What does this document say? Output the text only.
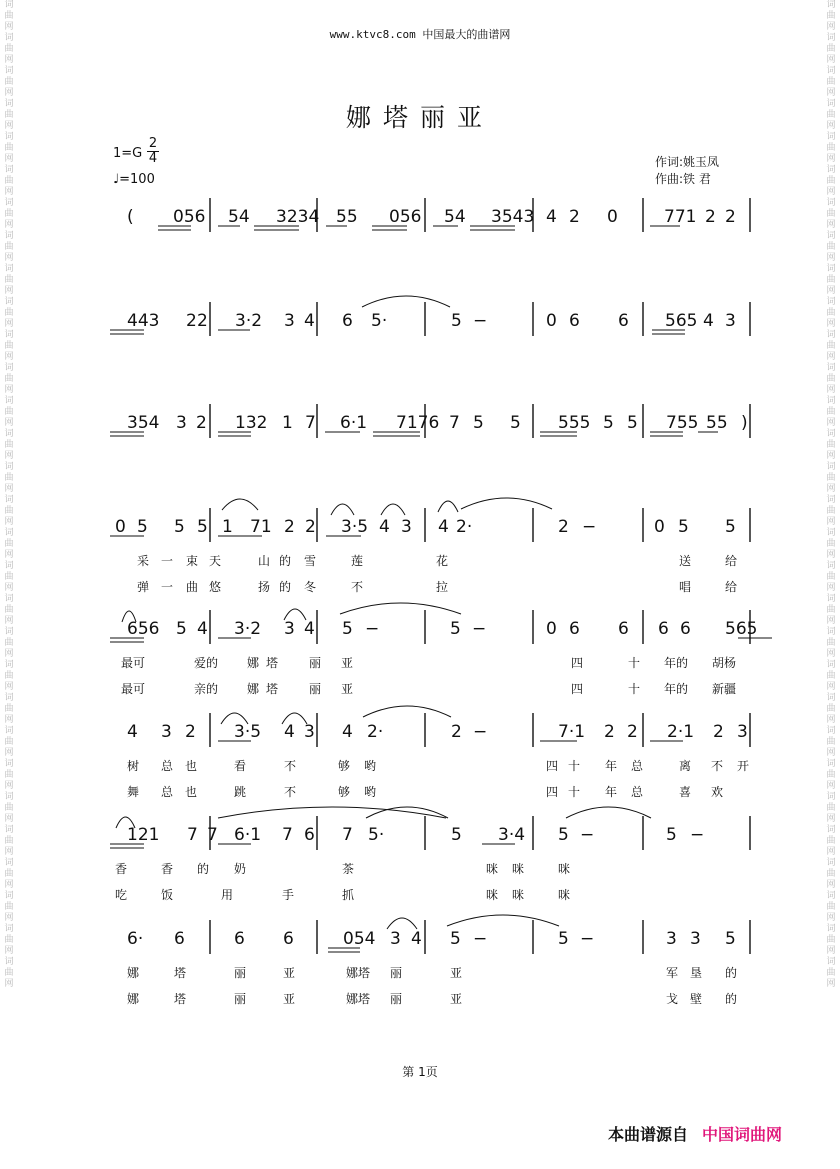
词曲网词曲网词曲网词曲网词曲网词曲网词曲网词曲网词曲网词曲网词曲网词曲网词曲网词曲网词曲网词曲网词曲网词曲网词曲网词曲网词曲网词曲网词曲网词曲网词曲网词曲网词曲网词曲网词曲网词曲网
词曲网词曲网词曲网词曲网词曲网词曲网词曲网词曲网词曲网词曲网词曲网词曲网词曲网词曲网词曲网词曲网词曲网词曲网词曲网词曲网词曲网词曲网词曲网词曲网词曲网词曲网词曲网词曲网词曲网词曲网
www.ktvc8.com 中国最大的曲谱网
娜塔丽亚
1=G
2
4
♩=100
作词:姚玉凤
作曲:铁 君
( 056 54 3234 55 056 54 3543 4 2 0	771 2 2
443 2 2 3·2 3 4 6 5·	5 −	0 6 6 565 4 3
354 3 2 132 1 7 6·1 7176 7 5 5 555 5 5 755 55 )
0 5 5 5 1 71 2 2 3·5 4 3 4 2·	2 −	0 5 5
656 5 4 3·2 3 4 5 −	5 −	0 6 6 6 6 565
4 3 2 3·5 4 3 4 2·	2 −	7·1 2 2 2·1 2 3
121 7 7 6·1 7 6 7 5·	5 3·4 5 −	5 −
6· 6	6 6	054 3 4 5 −	5 −	3 3 5
采 一 束 天	山 的 雪	莲	花	送	给
弹 一 曲 悠	扬 的 冬	不	拉	唱	给
最可	爱的 娜 塔	丽 亚	四	十 年的 胡杨
最可	亲的 娜 塔	丽 亚	四	十 年的 新疆
树 总 也	看	不	够 哟	四 十 年 总	离 不 开
舞 总 也	跳	不	够 哟	四 十 年 总	喜 欢
香	香 的 奶	茶	咪 咪	咪
吃	饭	用	手	抓	咪 咪	咪
娜	塔	丽	亚	娜塔 丽	亚	军 垦 的
娜	塔	丽	亚	娜塔 丽	亚	戈 壁 的
第 1页
本曲谱源自 中国词曲网
